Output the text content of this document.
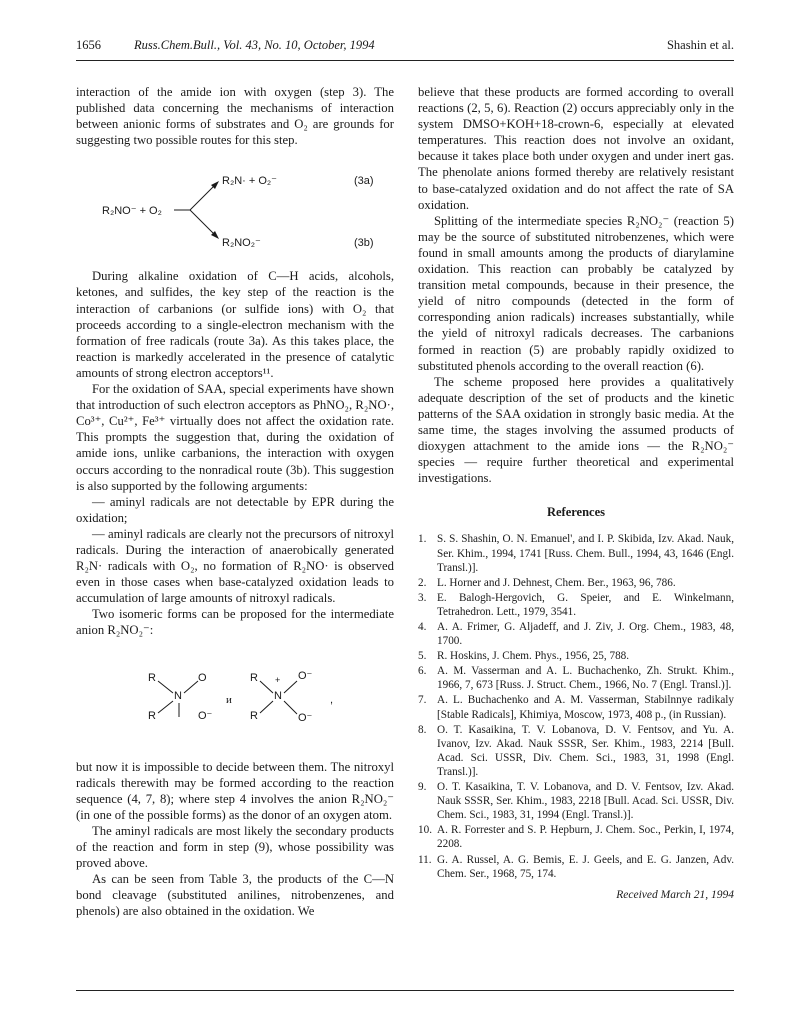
1656	Russ.Chem.Bull., Vol. 43, No. 10, October, 1994	Shashin et al.

interaction of the amide ion with oxygen (step 3). The published data concerning the mechanisms of interaction between anionic forms of substrates and O₂ are grounds for suggesting two possible routes for this step.

R₂NO⁻ + O₂
R₂N· + O₂⁻	(3a)
R₂NO₂⁻	(3b)

During alkaline oxidation of C—H acids, alcohols, ketones, and sulfides, the key step of the reaction is the interaction of carbanions (or sulfide ions) with O₂ that proceeds according to a single-electron mechanism with the formation of free radicals (route 3a). As this takes place, the reaction is markedly accelerated in the presence of catalytic amounts of strong electron acceptors¹¹.

For the oxidation of SAA, special experiments have shown that introduction of such electron acceptors as PhNO₂, R₂NO·, Co³⁺, Cu²⁺, Fe³⁺ virtually does not affect the oxidation rate. This prompts the suggestion that, during the oxidation of amide ions, unlike carbanions, the interaction with oxygen occurs according to the nonradical route (3b). This suggestion is also supported by the following arguments:

— aminyl radicals are not detectable by EPR during the oxidation;

— aminyl radicals are clearly not the precursors of nitroxyl radicals. During the interaction of anaerobically generated R₂N· radicals with O₂, no formation of R₂NO· is observed even in those cases when base-catalyzed oxidation leads to accumulation of large amounts of nitroxyl radicals.

Two isomeric forms can be proposed for the intermediate anion R₂NO₂⁻:

R
N
R
O
O⁻
и
R +
N
R
O⁻
O⁻
,

but now it is impossible to decide between them. The nitroxyl radicals therewith may be formed according to the reaction sequence (4, 7, 8); where step 4 involves the anion R₂NO₂⁻ (in one of the possible forms) as the donor of an oxygen atom.

The aminyl radicals are most likely the secondary products of the reaction and form in step (9), whose possibility was proved above.

As can be seen from Table 3, the products of the C—N bond cleavage (substituted anilines, nitrobenzenes, and phenols) are also obtained in the oxidation. We

believe that these products are formed according to overall reactions (2, 5, 6). Reaction (2) occurs appreciably only in the system DMSO+KOH+18-crown-6, especially at elevated temperatures. This reaction does not involve an oxidant, because it takes place both under oxygen and under inert gas. The phenolate anions formed thereby are relatively resistant to base-catalyzed oxidation and do not affect the rate of SA oxidation.

Splitting of the intermediate species R₂NO₂⁻ (reaction 5) may be the source of substituted nitrobenzenes, which were found in small amounts among the products of diarylamine oxidation. This reaction can probably be catalyzed by transition metal compounds, because in their presence, the yield of nitro compounds (detected in the form of corresponding anion radicals) increases substantially, while the yield of nitroxyl radicals decreases. The carbanions formed in reaction (5) are probably rapidly oxidized to substituted phenols according to the overall reaction (6).

The scheme proposed here provides a qualitatively adequate description of the set of products and the kinetic patterns of the SAA oxidation in strongly basic media. At the same time, the stages involving the assumed products of dioxygen attachment to the amide ions — the R₂NO₂⁻ species — require further theoretical and experimental investigations.

References
1. S. S. Shashin, O. N. Emanuel', and I. P. Skibida, Izv. Akad. Nauk, Ser. Khim., 1994, 1741 [Russ. Chem. Bull., 1994, 43, 1646 (Engl. Transl.)].
2. L. Horner and J. Dehnest, Chem. Ber., 1963, 96, 786.
3. E. Balogh-Hergovich, G. Speier, and E. Winkelmann, Tetrahedron. Lett., 1979, 3541.
4. A. A. Frimer, G. Aljadeff, and J. Ziv, J. Org. Chem., 1983, 48, 1700.
5. R. Hoskins, J. Chem. Phys., 1956, 25, 788.
6. A. M. Vasserman and A. L. Buchachenko, Zh. Strukt. Khim., 1966, 7, 673 [Russ. J. Struct. Chem., 1966, No. 7 (Engl. Transl.)].
7. A. L. Buchachenko and A. M. Vasserman, Stabilnnye radikaly [Stable Radicals], Khimiya, Moscow, 1973, 408 p., (in Russian).
8. O. T. Kasaikina, T. V. Lobanova, D. V. Fentsov, and Yu. A. Ivanov, Izv. Akad. Nauk SSSR, Ser. Khim., 1983, 2214 [Bull. Acad. Sci. USSR, Div. Chem. Sci., 1983, 31, 1998 (Engl. Transl.)].
9. O. T. Kasaikina, T. V. Lobanova, and D. V. Fentsov, Izv. Akad. Nauk SSSR, Ser. Khim., 1983, 2218 [Bull. Acad. Sci. USSR, Div. Chem. Sci., 1983, 31, 1994 (Engl. Transl.)].
10. A. R. Forrester and S. P. Hepburn, J. Chem. Soc., Perkin, I, 1974, 2208.
11. G. A. Russel, A. G. Bemis, E. J. Geels, and E. G. Janzen, Adv. Chem. Ser., 1968, 75, 174.
Received March 21, 1994
